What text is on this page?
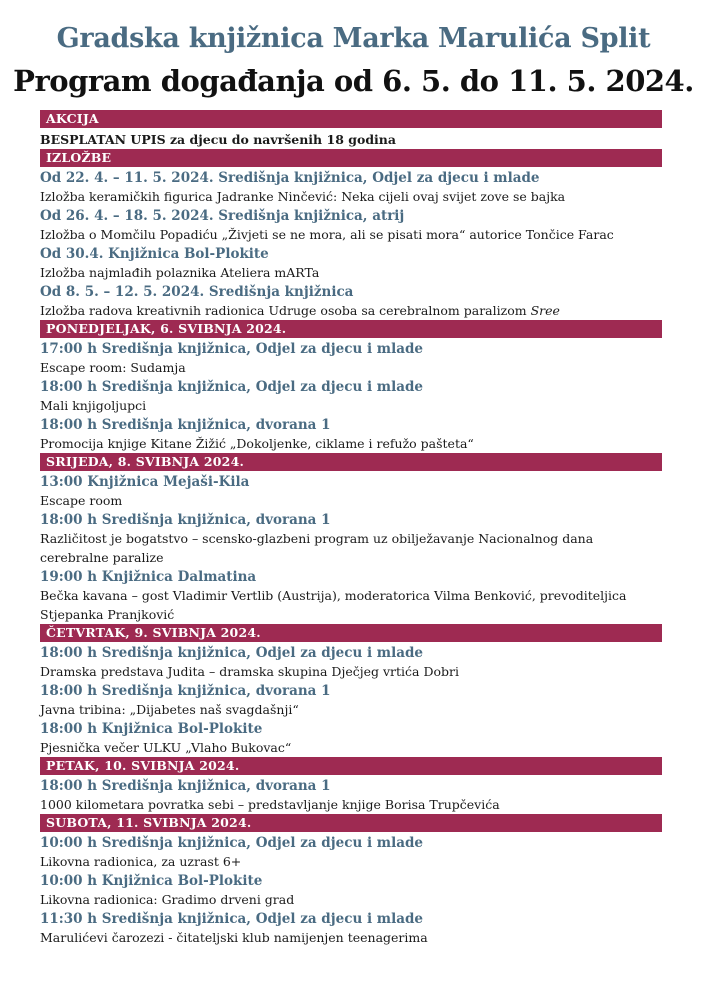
Gradska knjižnica Marka Marulića Split
Program događanja od 6. 5. do 11. 5. 2024.
AKCIJA
BESPLATAN UPIS za djecu do navršenih 18 godina
IZLOŽBE
Od 22. 4. – 11. 5. 2024. Središnja knjižnica, Odjel za djecu i mlade
Izložba keramičkih figurica Jadranke Ninčević: Neka cijeli ovaj svijet zove se bajka
Od 26. 4. – 18. 5. 2024. Središnja knjižnica, atrij
Izložba o Momčilu Popadiću „Živjeti se ne mora, ali se pisati mora“ autorice Tončice Farac
Od 30.4. Knjižnica Bol-Plokite
Izložba najmlađih polaznika Ateliera mARTa
Od 8. 5. – 12. 5. 2024. Središnja knjižnica
Izložba radova kreativnih radionica Udruge osoba sa cerebralnom paralizom Sree
PONEDJELJAK, 6. SVIBNJA 2024.
17:00 h Središnja knjižnica, Odjel za djecu i mlade
Escape room: Sudamja
18:00 h Središnja knjižnica, Odjel za djecu i mlade
Mali knjigoljupci
18:00 h Središnja knjižnica, dvorana 1
Promocija knjige Kitane Žižić „Dokoljenke, ciklame i refužo pašteta“
SRIJEDA, 8. SVIBNJA 2024.
13:00 Knjižnica Mejaši-Kila
Escape room
18:00 h Središnja knjižnica, dvorana 1
Različitost je bogatstvo – scensko-glazbeni program uz obilježavanje Nacionalnog dana cerebralne paralize
19:00 h Knjižnica Dalmatina
Bečka kavana – gost Vladimir Vertlib (Austrija), moderatorica Vilma Benković, prevoditeljica Stjepanka Pranjković
ČETVRTAK, 9. SVIBNJA 2024.
18:00 h Središnja knjižnica, Odjel za djecu i mlade
Dramska predstava Judita – dramska skupina Dječjeg vrtića Dobri
18:00 h Središnja knjižnica, dvorana 1
Javna tribina: „Dijabetes naš svagdašnji“
18:00 h Knjižnica Bol-Plokite
Pjesnička večer ULKU „Vlaho Bukovac“
PETAK, 10. SVIBNJA 2024.
18:00 h Središnja knjižnica, dvorana 1
1000 kilometara povratka sebi – predstavljanje knjige Borisa Trupčevića
SUBOTA, 11. SVIBNJA 2024.
10:00 h Središnja knjižnica, Odjel za djecu i mlade
Likovna radionica, za uzrast 6+
10:00 h Knjižnica Bol-Plokite
Likovna radionica: Gradimo drveni grad
11:30 h Središnja knjižnica, Odjel za djecu i mlade
Marulićevi čarozezi - čitateljski klub namijenjen teenagerima
